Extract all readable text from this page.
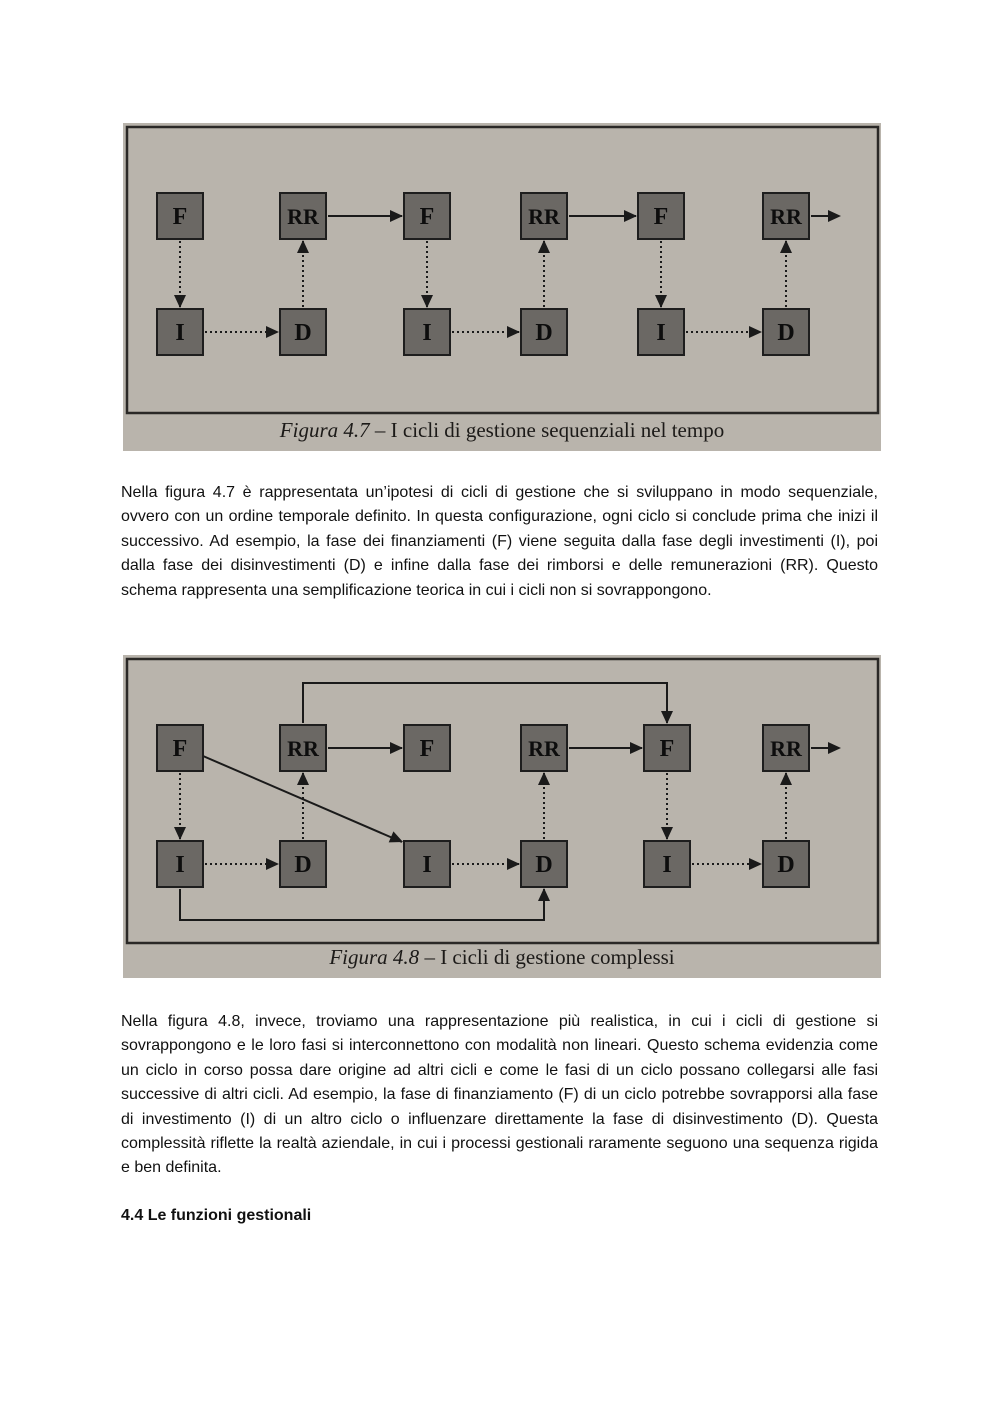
F	RR	F	RR	F	RR
I	D	I	D	I	D
Figura 4.7 – I cicli di gestione sequenziali nel tempo

Nella figura 4.7 è rappresentata un’ipotesi di cicli di gestione che si sviluppano in modo sequenziale, ovvero con un ordine temporale definito. In questa configurazione, ogni ciclo si conclude prima che inizi il successivo. Ad esempio, la fase dei finanziamenti (F) viene seguita dalla fase degli investimenti (I), poi dalla fase dei disinvestimenti (D) e infine dalla fase dei rimborsi e delle remunerazioni (RR). Questo schema rappresenta una semplificazione teorica in cui i cicli non si sovrappongono.

F	RR	F	RR	F	RR
I	D	I	D	I	D
Figura 4.8 – I cicli di gestione complessi

Nella figura 4.8, invece, troviamo una rappresentazione più realistica, in cui i cicli di gestione si sovrappongono e le loro fasi si interconnettono con modalità non lineari. Questo schema evidenzia come un ciclo in corso possa dare origine ad altri cicli e come le fasi di un ciclo possano collegarsi alle fasi successive di altri cicli. Ad esempio, la fase di finanziamento (F) di un ciclo potrebbe sovrapporsi alla fase di investimento (I) di un altro ciclo o influenzare direttamente la fase di disinvestimento (D). Questa complessità riflette la realtà aziendale, in cui i processi gestionali raramente seguono una sequenza rigida e ben definita.

4.4 Le funzioni gestionali
